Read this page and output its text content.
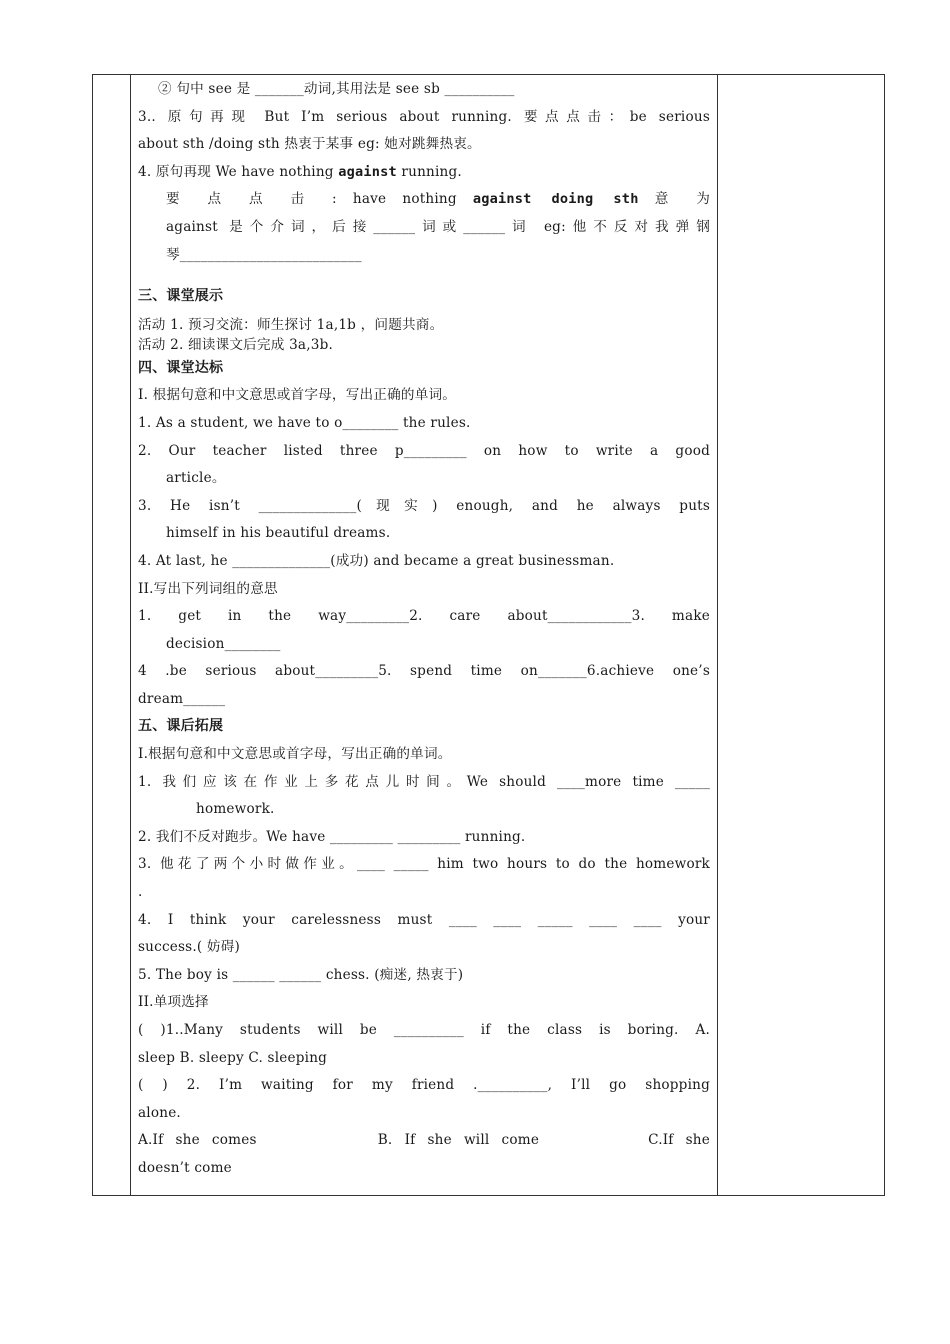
② 句中 see 是 _______动词,其用法是 see sb __________

3.. 原句再现 But I’m serious about running. 要点点击：be serious

about sth /doing sth 热衷于某事 eg: 她对跳舞热衷。

4. 原句再现 We have nothing against running.

要 点 点 击 : have nothing against doing sth 意 为

against 是个介词，后接______词或______词 eg:他不反对我弹钢

琴__________________________

三、课堂展示

活动 1. 预习交流：师生探讨 1a,1b ，问题共商。

活动 2. 细读课文后完成 3a,3b.

四、课堂达标

I. 根据句意和中文意思或首字母，写出正确的单词。

1. As a student, we have to o________ the rules.

2. Our teacher listed three p_________ on how to write a good

article。

3. He isn’t ______________(现实) enough, and he always puts

himself in his beautiful dreams.

4. At last, he ______________(成功) and became a great businessman.

II.写出下列词组的意思

1. get in the way_________2. care about____________3. make

decision________

4 .be serious about_________5. spend time on_______6.achieve one’s

dream______

五、课后拓展

I.根据句意和中文意思或首字母，写出正确的单词。

1. 我们应该在作业上多花点儿时间。We should ____more time _____

homework.

2. 我们不反对跑步。We have _________ _________ running.

3. 他花了两个小时做作业。____ _____ him two hours to do the homework

.

4. I think your carelessness must ____ ____ _____ ____ ____ your

success.( 妨碍)

5. The boy is ______ ______ chess. (痴迷, 热衷于)

II.单项选择

( )1..Many students will be __________ if the class is boring. A.

sleep B. sleepy C. sleeping

( ) 2. I’m waiting for my friend .__________, I’ll go shopping

alone.

A.If she comes          B. If she will come         C.If she

doesn’t come
